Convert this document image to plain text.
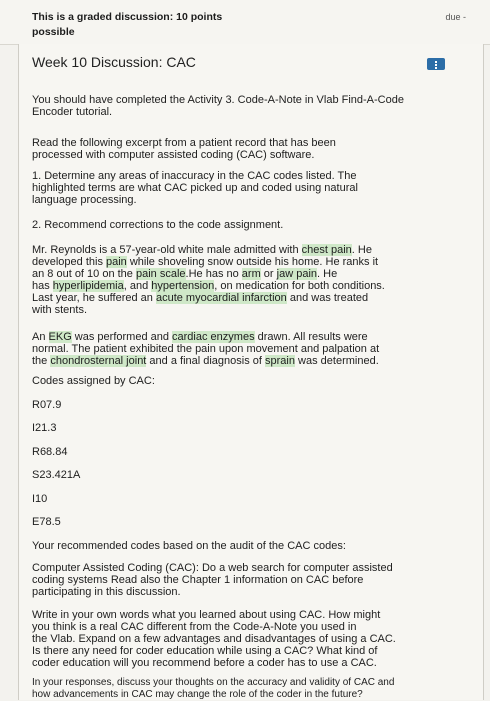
This is a graded discussion: 10 points
possible
due -
Week 10 Discussion: CAC
You should have completed the Activity 3. Code-A-Note in Vlab Find-A-Code
Encoder tutorial.
Read the following excerpt from a patient record that has been
processed with computer assisted coding (CAC) software.
1. Determine any areas of inaccuracy in the CAC codes listed. The
highlighted terms are what CAC picked up and coded using natural
language processing.
2. Recommend corrections to the code assignment.
Mr. Reynolds is a 57-year-old white male admitted with chest pain. He
developed this pain while shoveling snow outside his home. He ranks it
an 8 out of 10 on the pain scale.He has no arm or jaw pain. He
has hyperlipidemia, and hypertension, on medication for both conditions.
Last year, he suffered an acute myocardial infarction and was treated
with stents.
An EKG was performed and cardiac enzymes drawn. All results were
normal. The patient exhibited the pain upon movement and palpation at
the chondrosternal joint and a final diagnosis of sprain was determined.
Codes assigned by CAC:
R07.9
I21.3
R68.84
S23.421A
I10
E78.5
Your recommended codes based on the audit of the CAC codes:
Computer Assisted Coding (CAC): Do a web search for computer assisted
coding systems Read also the Chapter 1 information on CAC before
participating in this discussion.
Write in your own words what you learned about using CAC. How might
you think is a real CAC different from the Code-A-Note you used in
the Vlab. Expand on a few advantages and disadvantages of using a CAC.
Is there any need for coder education while using a CAC? What kind of
coder education will you recommend before a coder has to use a CAC.
In your responses, discuss your thoughts on the accuracy and validity of CAC and
how advancements in CAC may change the role of the coder in the future?
